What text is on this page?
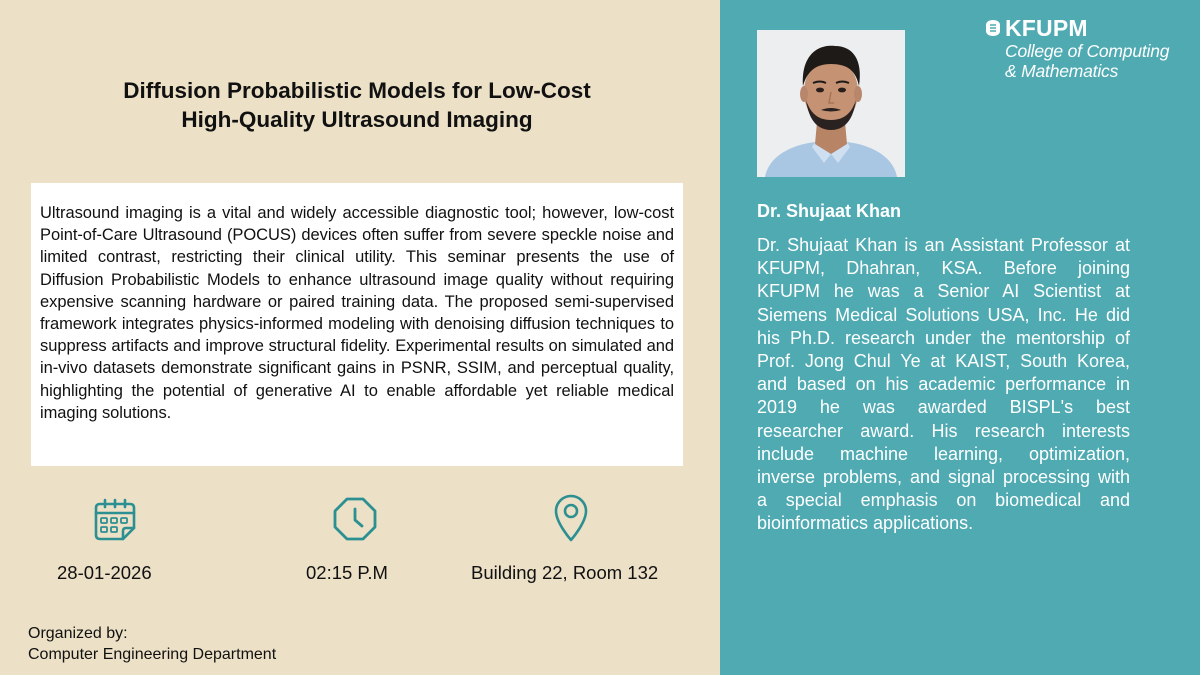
Diffusion Probabilistic Models for Low-Cost
High-Quality Ultrasound Imaging

Ultrasound imaging is a vital and widely accessible diagnostic tool; however, low-cost Point-of-Care Ultrasound (POCUS) devices often suffer from severe speckle noise and limited contrast, restricting their clinical utility. This seminar presents the use of Diffusion Probabilistic Models to enhance ultrasound image quality without requiring expensive scanning hardware or paired training data. The proposed semi-supervised framework integrates physics-informed modeling with denoising diffusion techniques to suppress artifacts and improve structural fidelity. Experimental results on simulated and in-vivo datasets demonstrate significant gains in PSNR, SSIM, and perceptual quality, highlighting the potential of generative AI to enable affordable yet reliable medical imaging solutions.

28-01-2026	02:15 P.M	Building 22, Room 132
Organized by:
Computer Engineering Department
KFUPM
College of Computing
& Mathematics
Dr. Shujaat Khan

Dr. Shujaat Khan is an Assistant Professor at KFUPM, Dhahran, KSA. Before joining KFUPM he was a Senior AI Scientist at Siemens Medical Solutions USA, Inc. He did his Ph.D. research under the mentorship of Prof. Jong Chul Ye at KAIST, South Korea, and based on his academic performance in 2019 he was awarded BISPL's best researcher award. His research interests include machine learning, optimization, inverse problems, and signal processing with a special emphasis on biomedical and bioinformatics applications.
